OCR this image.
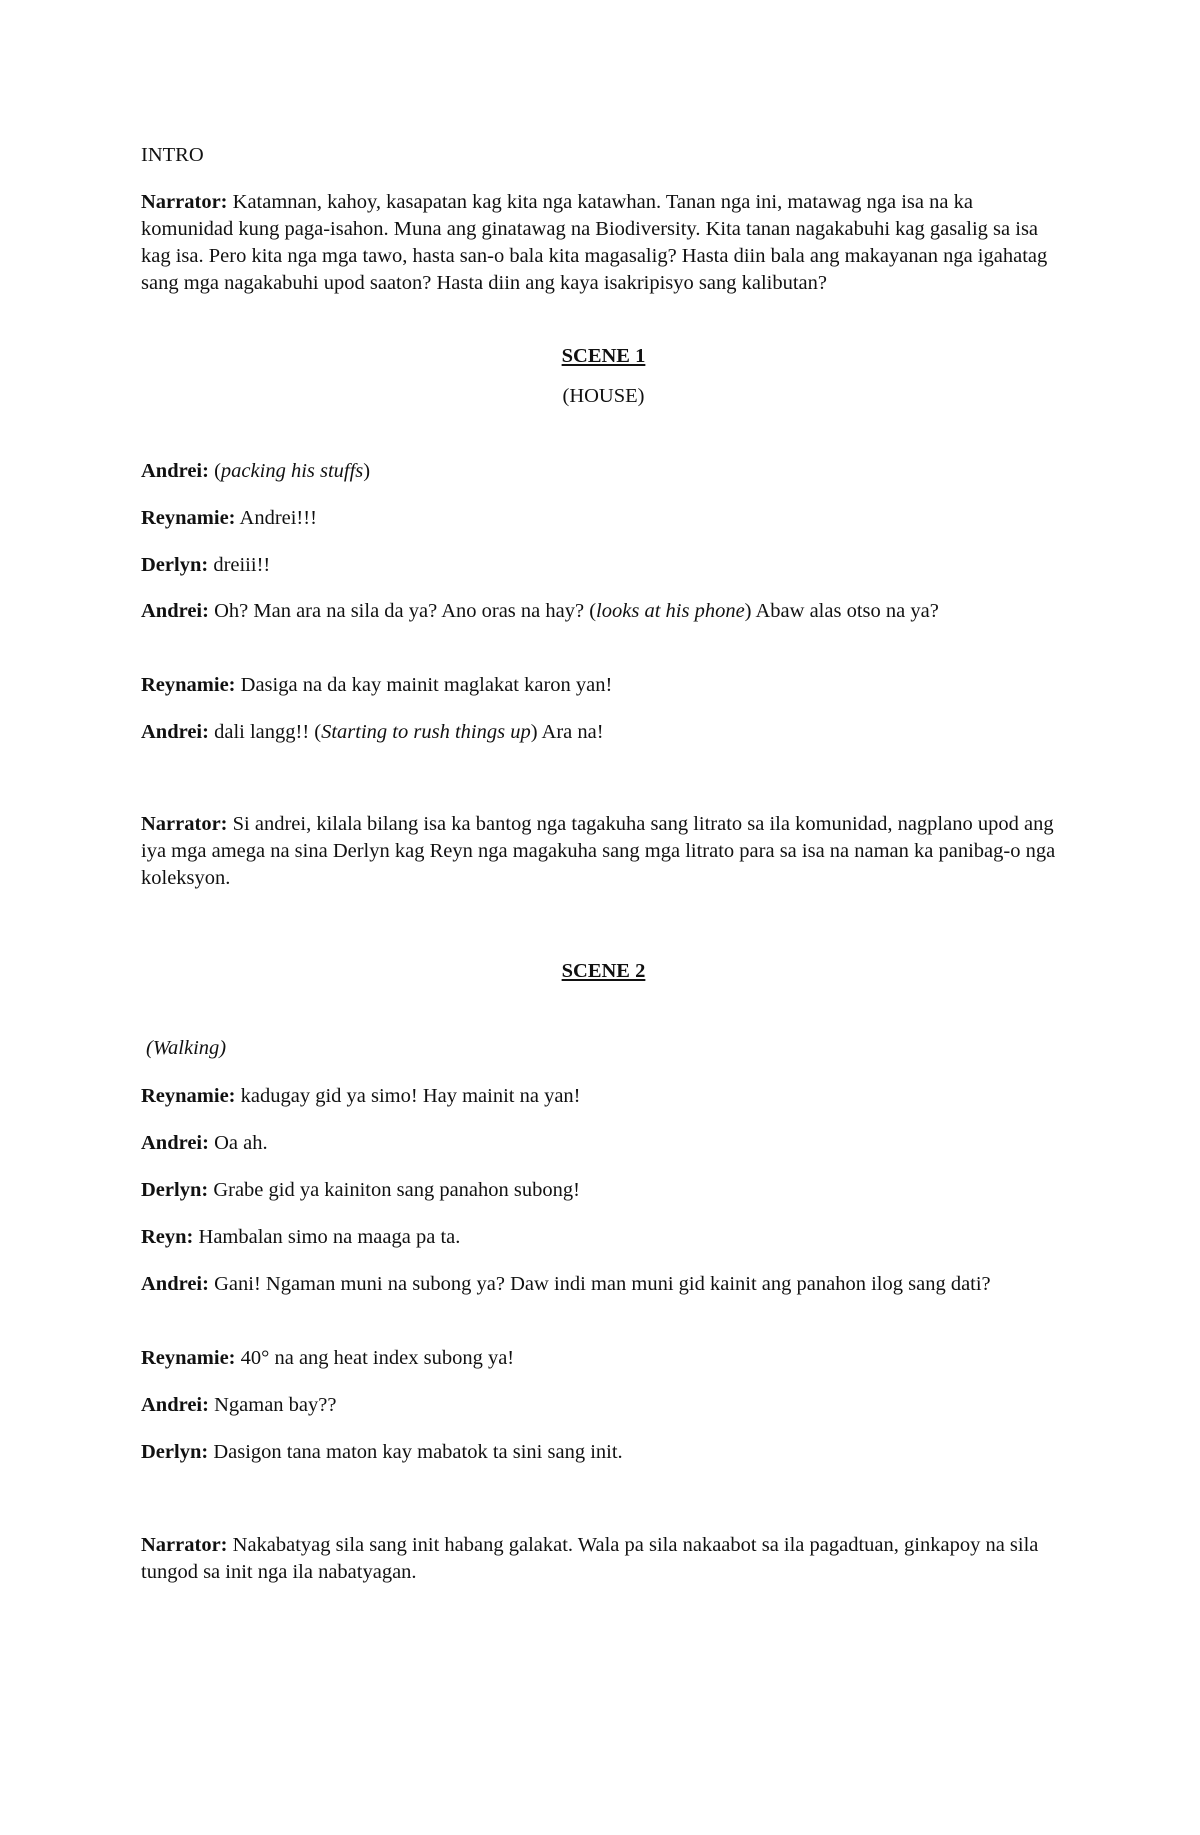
INTRO

Narrator: Katamnan, kahoy, kasapatan kag kita nga katawhan. Tanan nga ini, matawag nga isa na ka komunidad kung paga-isahon. Muna ang ginatawag na Biodiversity. Kita tanan nagakabuhi kag gasalig sa isa kag isa. Pero kita nga mga tawo, hasta san-o bala kita magasalig? Hasta diin bala ang makayanan nga igahatag sang mga nagakabuhi upod saaton? Hasta diin ang kaya isakripisyo sang kalibutan?

SCENE 1

(HOUSE)

Andrei: (packing his stuffs)

Reynamie: Andrei!!!

Derlyn: dreiii!!

Andrei: Oh? Man ara na sila da ya? Ano oras na hay? (looks at his phone) Abaw alas otso na ya?

Reynamie: Dasiga na da kay mainit maglakat karon yan!

Andrei: dali langg!! (Starting to rush things up) Ara na!

Narrator: Si andrei, kilala bilang isa ka bantog nga tagakuha sang litrato sa ila komunidad, nagplano upod ang iya mga amega na sina Derlyn kag Reyn nga magakuha sang mga litrato para sa isa na naman ka panibag-o nga koleksyon.

SCENE 2

(Walking)

Reynamie: kadugay gid ya simo! Hay mainit na yan!

Andrei: Oa ah.

Derlyn: Grabe gid ya kainiton sang panahon subong!

Reyn: Hambalan simo na maaga pa ta.

Andrei: Gani! Ngaman muni na subong ya? Daw indi man muni gid kainit ang panahon ilog sang dati?

Reynamie: 40° na ang heat index subong ya!

Andrei: Ngaman bay??

Derlyn: Dasigon tana maton kay mabatok ta sini sang init.

Narrator: Nakabatyag sila sang init habang galakat. Wala pa sila nakaabot sa ila pagadtuan, ginkapoy na sila tungod sa init nga ila nabatyagan.
